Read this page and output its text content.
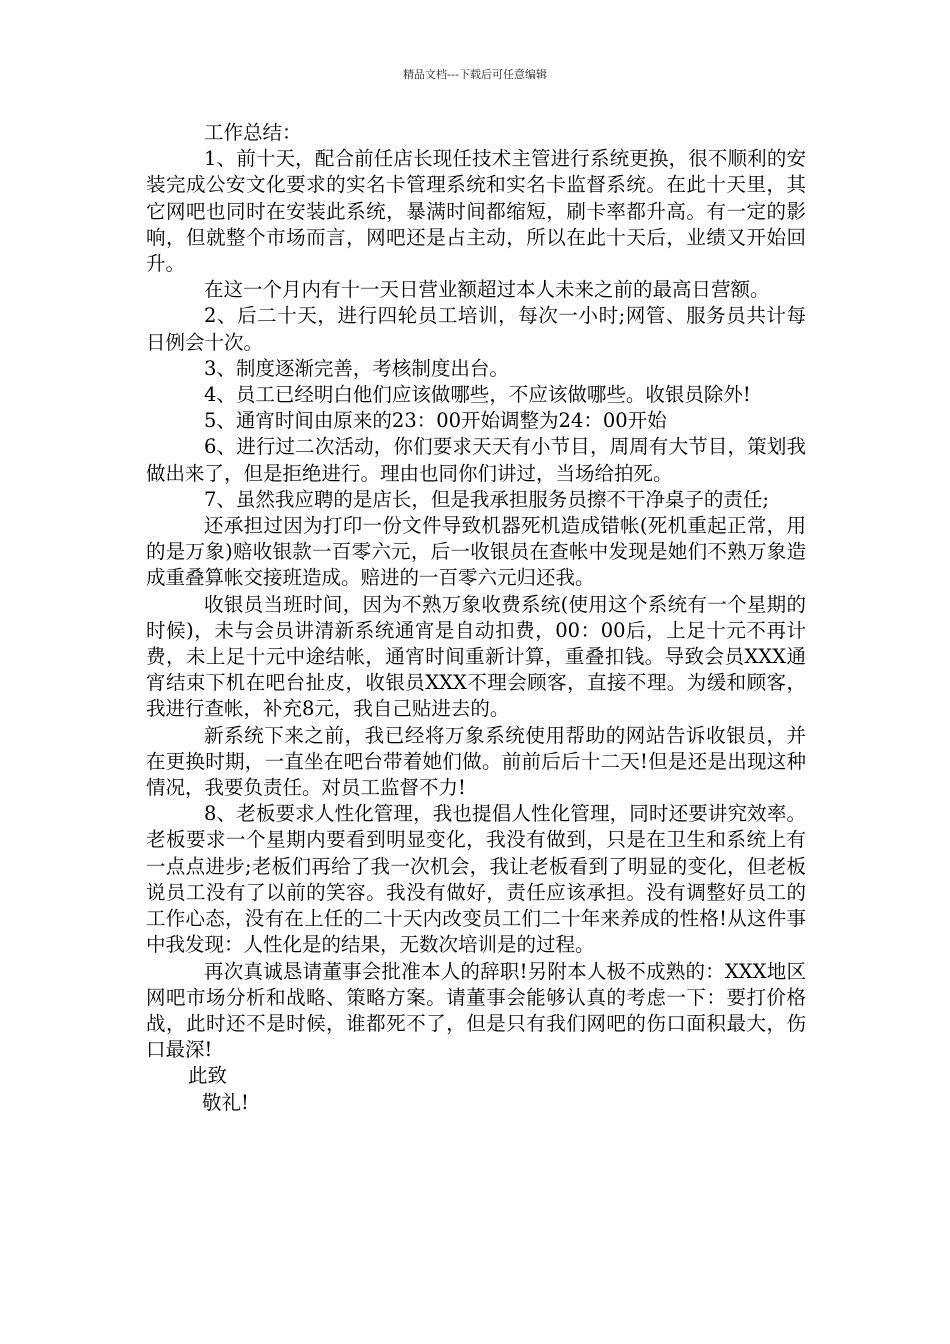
精品文档---下载后可任意编辑

工作总结：

1、前十天，配合前任店长现任技术主管进行系统更换，很不顺利的安装完成公安文化要求的实名卡管理系统和实名卡监督系统。在此十天里，其它网吧也同时在安装此系统，暴满时间都缩短，刷卡率都升高。有一定的影响，但就整个市场而言，网吧还是占主动，所以在此十天后，业绩又开始回升。

在这一个月内有十一天日营业额超过本人未来之前的最高日营额。

2、后二十天，进行四轮员工培训，每次一小时;网管、服务员共计每日例会十次。

3、制度逐渐完善，考核制度出台。

4、员工已经明白他们应该做哪些，不应该做哪些。收银员除外!

5、通宵时间由原来的23：00开始调整为24：00开始

6、进行过二次活动，你们要求天天有小节目，周周有大节目，策划我做出来了，但是拒绝进行。理由也同你们讲过，当场给拍死。

7、虽然我应聘的是店长，但是我承担服务员擦不干净桌子的责任;

还承担过因为打印一份文件导致机器死机造成错帐(死机重起正常，用的是万象)赔收银款一百零六元，后一收银员在查帐中发现是她们不熟万象造成重叠算帐交接班造成。赔进的一百零六元归还我。

收银员当班时间，因为不熟万象收费系统(使用这个系统有一个星期的时候)，未与会员讲清新系统通宵是自动扣费，00：00后，上足十元不再计费，未上足十元中途结帐，通宵时间重新计算，重叠扣钱。导致会员XXX通宵结束下机在吧台扯皮，收银员XXX不理会顾客，直接不理。为缓和顾客，我进行查帐，补充8元，我自己贴进去的。

新系统下来之前，我已经将万象系统使用帮助的网站告诉收银员，并在更换时期，一直坐在吧台带着她们做。前前后后十二天!但是还是出现这种情况，我要负责任。对员工监督不力!

8、老板要求人性化管理，我也提倡人性化管理，同时还要讲究效率。老板要求一个星期内要看到明显变化，我没有做到，只是在卫生和系统上有一点点进步;老板们再给了我一次机会，我让老板看到了明显的变化，但老板说员工没有了以前的笑容。我没有做好，责任应该承担。没有调整好员工的工作心态，没有在上任的二十天内改变员工们二十年来养成的性格!从这件事中我发现：人性化是的结果，无数次培训是的过程。

再次真诚恳请董事会批准本人的辞职!另附本人极不成熟的：XXX地区网吧市场分析和战略、策略方案。请董事会能够认真的考虑一下：要打价格战，此时还不是时候，谁都死不了，但是只有我们网吧的伤口面积最大，伤口最深!

此致

敬礼!
